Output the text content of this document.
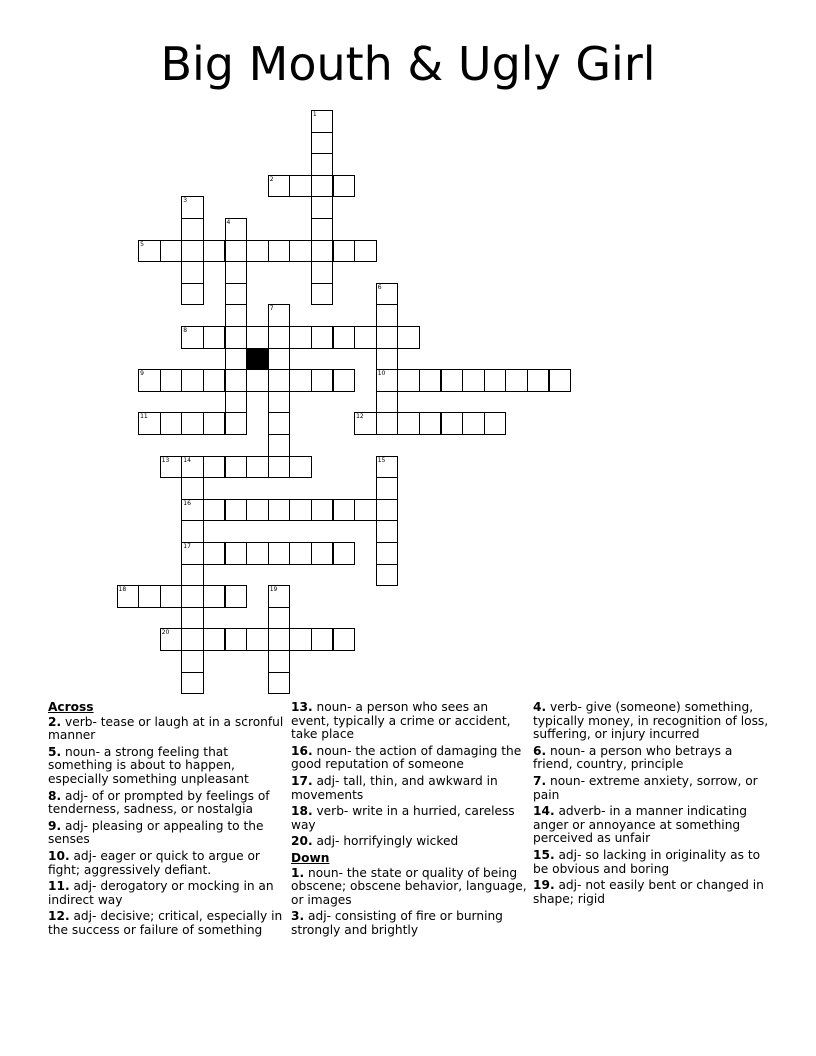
Big Mouth & Ugly Girl
1
2
3
4
5
6
10
7
8
9
11	12
13 14
16
17
15
18	19
20
Across
2. verb- tease or laugh at in a scronful manner
5. noun- a strong feeling that something is about to happen, especially something unpleasant
8. adj- of or prompted by feelings of tenderness, sadness, or nostalgia
9. adj- pleasing or appealing to the senses
10. adj- eager or quick to argue or fight; aggressively defiant.
11. adj- derogatory or mocking in an indirect way
12. adj- decisive; critical, especially in the success or failure of something
13. noun- a person who sees an event, typically a crime or accident, take place
16. noun- the action of damaging the good reputation of someone
17. adj- tall, thin, and awkward in movements
18. verb- write in a hurried, careless way
20. adj- horrifyingly wicked
Down
1. noun- the state or quality of being obscene; obscene behavior, language, or images
3. adj- consisting of fire or burning strongly and brightly
4. verb- give (someone) something, typically money, in recognition of loss, suffering, or injury incurred
6. noun- a person who betrays a friend, country, principle
7. noun- extreme anxiety, sorrow, or pain
14. adverb- in a manner indicating anger or annoyance at something perceived as unfair
15. adj- so lacking in originality as to be obvious and boring
19. adj- not easily bent or changed in shape; rigid
